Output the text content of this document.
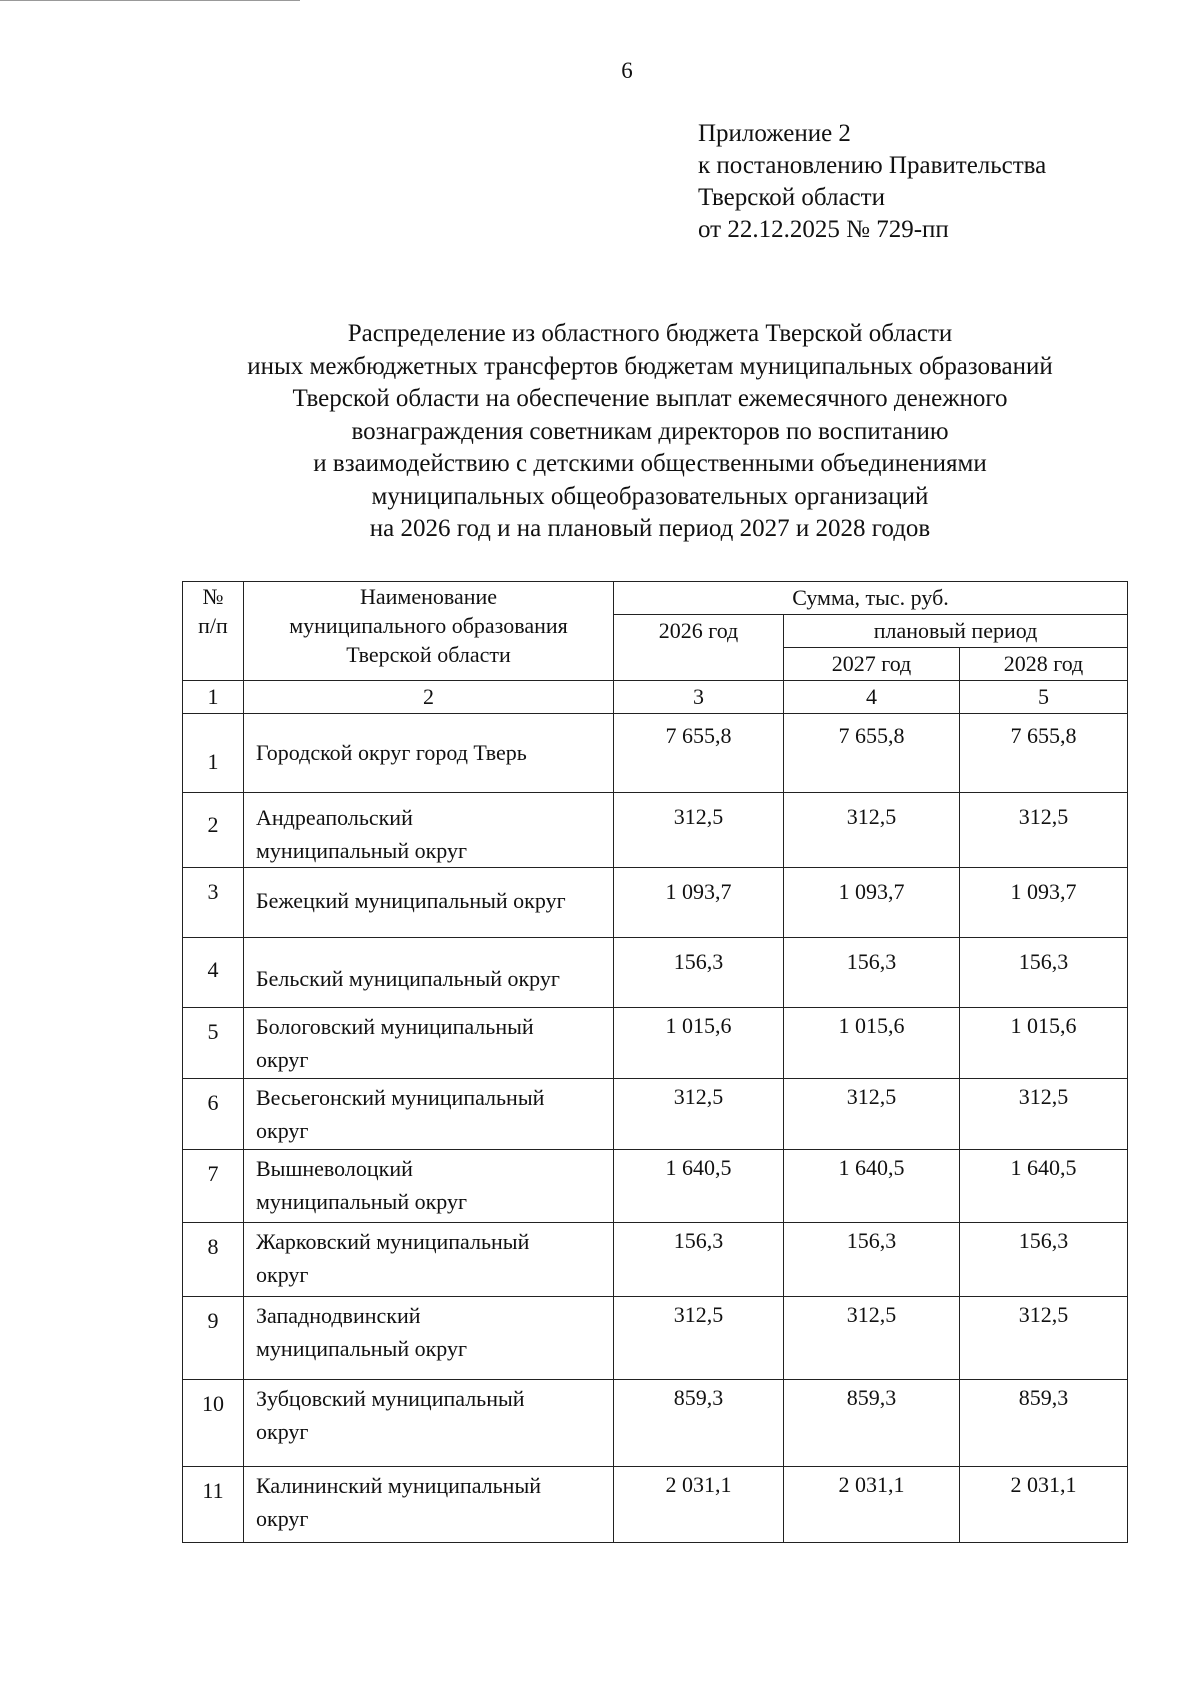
6
Приложение 2
к постановлению Правительства
Тверской области
от 22.12.2025 № 729-пп
Распределение из областного бюджета Тверской области
иных межбюджетных трансфертов бюджетам муниципальных образований
Тверской области на обеспечение выплат ежемесячного денежного
вознаграждения советникам директоров по воспитанию
и взаимодействию с детскими общественными объединениями
муниципальных общеобразовательных организаций
на 2026 год и на плановый период 2027 и 2028 годов
№
п/п	Наименование
муниципального образования
Тверской области	Сумма, тыс. руб.		
		2026 год	плановый период	
			2027 год	2028 год
1	2	3	4	5
1	Городской округ город Тверь	7 655,8	7 655,8	7 655,8
2	Андреапольский
муниципальный округ	312,5	312,5	312,5
3	Бежецкий муниципальный округ	1 093,7	1 093,7	1 093,7
4	Бельский муниципальный округ	156,3	156,3	156,3
5	Бологовский муниципальный
округ	1 015,6	1 015,6	1 015,6
6	Весьегонский муниципальный
округ	312,5	312,5	312,5
7	Вышневолоцкий
муниципальный округ	1 640,5	1 640,5	1 640,5
8	Жарковский муниципальный
округ	156,3	156,3	156,3
9	Западнодвинский
муниципальный округ	312,5	312,5	312,5
10	Зубцовский муниципальный
округ	859,3	859,3	859,3
11	Калининский муниципальный
округ	2 031,1	2 031,1	2 031,1
